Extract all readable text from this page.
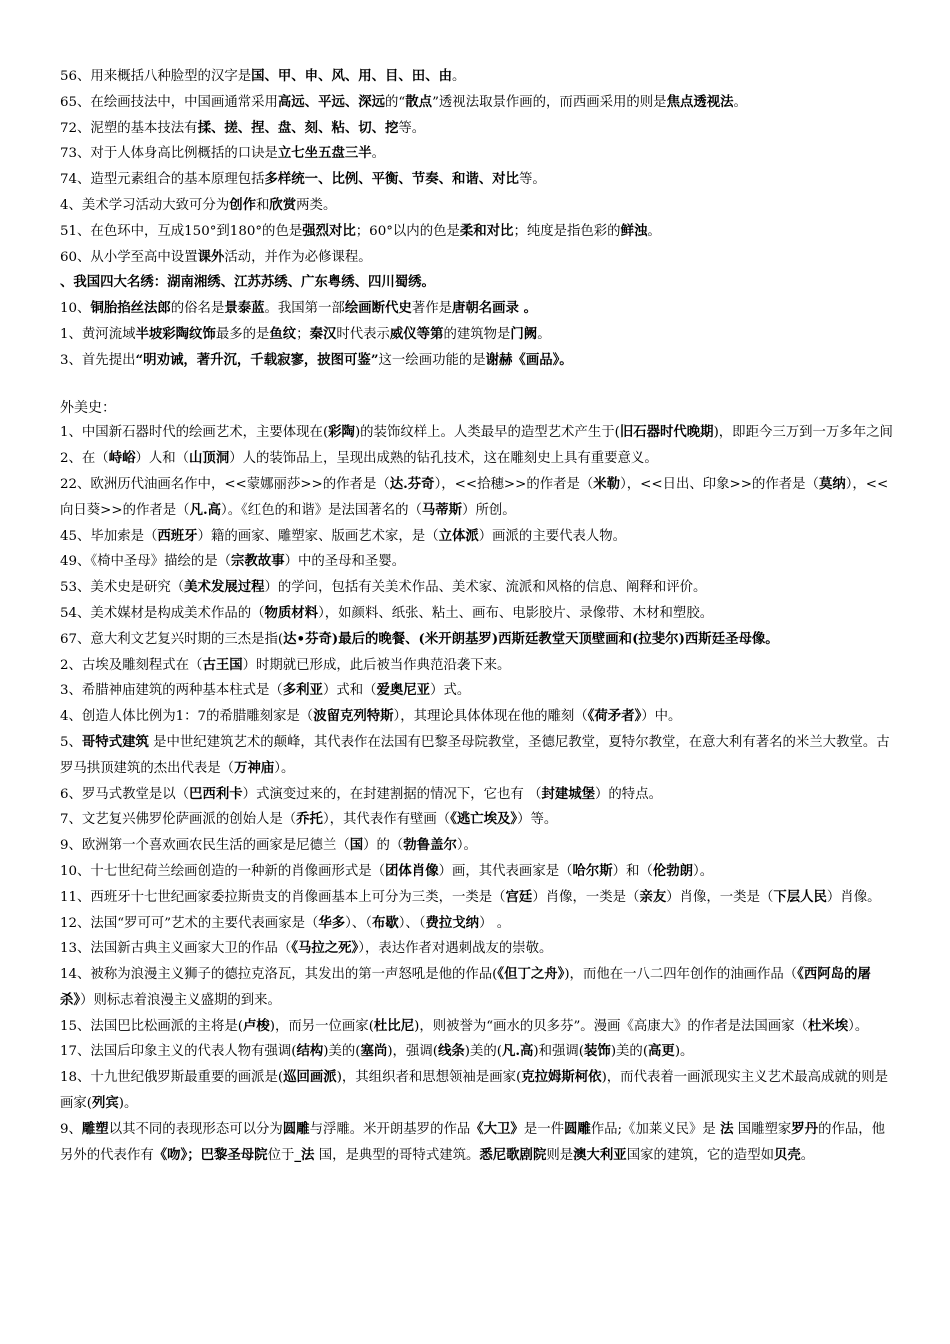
56、用来概括八种脸型的汉字是国、甲、申、风、用、目、田、由。
65、在绘画技法中，中国画通常采用高远、平远、深远的“散点”透视法取景作画的，而西画采用的则是焦点透视法。
72、泥塑的基本技法有揉、搓、捏、盘、刻、粘、切、挖等。
73、对于人体身高比例概括的口诀是立七坐五盘三半。
74、造型元素组合的基本原理包括多样统一、比例、平衡、节奏、和谐、对比等。
4、美术学习活动大致可分为创作和欣赏两类。
51、在色环中，互成150°到180°的色是强烈对比；60°以内的色是柔和对比；纯度是指色彩的鲜浊。
60、从小学至高中设置课外活动，并作为必修课程。
、我国四大名绣：湖南湘绣、江苏苏绣、广东粤绣、四川蜀绣。
10、铜胎掐丝法郎的俗名是景泰蓝。我国第一部绘画断代史著作是唐朝名画录 。
1、黄河流域半坡彩陶纹饰最多的是鱼纹；秦汉时代表示威仪等第的建筑物是门阙。
3、首先提出“明劝诫，著升沉，千载寂寥，披图可鉴”这一绘画功能的是谢赫《画品》。
外美史：
1、中国新石器时代的绘画艺术，主要体现在(彩陶)的装饰纹样上。人类最早的造型艺术产生于(旧石器时代晚期)，即距今三万到一万多年之间
2、在（峙峪）人和（山顶洞）人的装饰品上，呈现出成熟的钻孔技术，这在雕刻史上具有重要意义。
22、欧洲历代油画名作中，<<蒙娜丽莎>>的作者是（达.芬奇），<<拾穗>>的作者是（米勒），<<日出、印象>>的作者是（莫纳），<<向日葵>>的作者是（凡.高）。《红色的和谐》是法国著名的（马蒂斯）所创。
45、毕加索是（西班牙）籍的画家、雕塑家、版画艺术家，是（立体派）画派的主要代表人物。
49、《椅中圣母》描绘的是（宗教故事）中的圣母和圣婴。
53、美术史是研究（美术发展过程）的学问，包括有关美术作品、美术家、流派和风格的信息、阐释和评价。
54、美术媒材是构成美术作品的（物质材料），如颜料、纸张、粘土、画布、电影胶片、录像带、木材和塑胶。
67、意大利文艺复兴时期的三杰是指(达•芬奇)最后的晚餐、(米开朗基罗)西斯廷教堂天顶壁画和(拉斐尔)西斯廷圣母像。
2、古埃及雕刻程式在（古王国）时期就已形成，此后被当作典范沿袭下来。
3、希腊神庙建筑的两种基本柱式是（多利亚）式和（爱奥尼亚）式。
4、创造人体比例为1：7的希腊雕刻家是（波留克列特斯），其理论具体体现在他的雕刻（《荷矛者》）中。
5、哥特式建筑 是中世纪建筑艺术的颠峰，其代表作在法国有巴黎圣母院教堂，圣德尼教堂，夏特尔教堂，在意大利有著名的米兰大教堂。古罗马拱顶建筑的杰出代表是（万神庙）。
6、罗马式教堂是以（巴西利卡）式演变过来的，在封建割据的情况下，它也有 （封建城堡）的特点。
7、文艺复兴佛罗伦萨画派的创始人是（乔托），其代表作有壁画（《逃亡埃及》）等。
9、欧洲第一个喜欢画农民生活的画家是尼德兰（国）的（勃鲁盖尔）。
10、十七世纪荷兰绘画创造的一种新的肖像画形式是（团体肖像）画，其代表画家是（哈尔斯）和（伦勃朗）。
11、西班牙十七世纪画家委拉斯贵支的肖像画基本上可分为三类，一类是（宫廷）肖像，一类是（亲友）肖像，一类是（下层人民）肖像。
12、法国“罗可可”艺术的主要代表画家是（华多）、（布歇）、（费拉戈纳） 。
13、法国新古典主义画家大卫的作品（《马拉之死》），表达作者对遇刺战友的崇敬。
14、被称为浪漫主义狮子的德拉克洛瓦，其发出的第一声怒吼是他的作品(《但丁之舟》)，而他在一八二四年创作的油画作品（《西阿岛的屠杀》）则标志着浪漫主义盛期的到来。
15、法国巴比松画派的主将是(卢梭)，而另一位画家(杜比尼)，则被誉为“画水的贝多芬”。漫画《高康大》的作者是法国画家（杜米埃）。
17、法国后印象主义的代表人物有强调(结构)美的(塞尚)，强调(线条)美的(凡.高)和强调(装饰)美的(高更)。
18、十九世纪俄罗斯最重要的画派是(巡回画派)，其组织者和思想领袖是画家(克拉姆斯柯依)，而代表着一画派现实主义艺术最高成就的则是画家(列宾)。
9、雕塑以其不同的表现形态可以分为圆雕与浮雕。米开朗基罗的作品《大卫》是一件圆雕作品;《加莱义民》是 法 国雕塑家罗丹的作品，他另外的代表作有《吻》；巴黎圣母院位于_法 国，是典型的哥特式建筑。悉尼歌剧院则是澳大利亚国家的建筑，它的造型如贝壳。
